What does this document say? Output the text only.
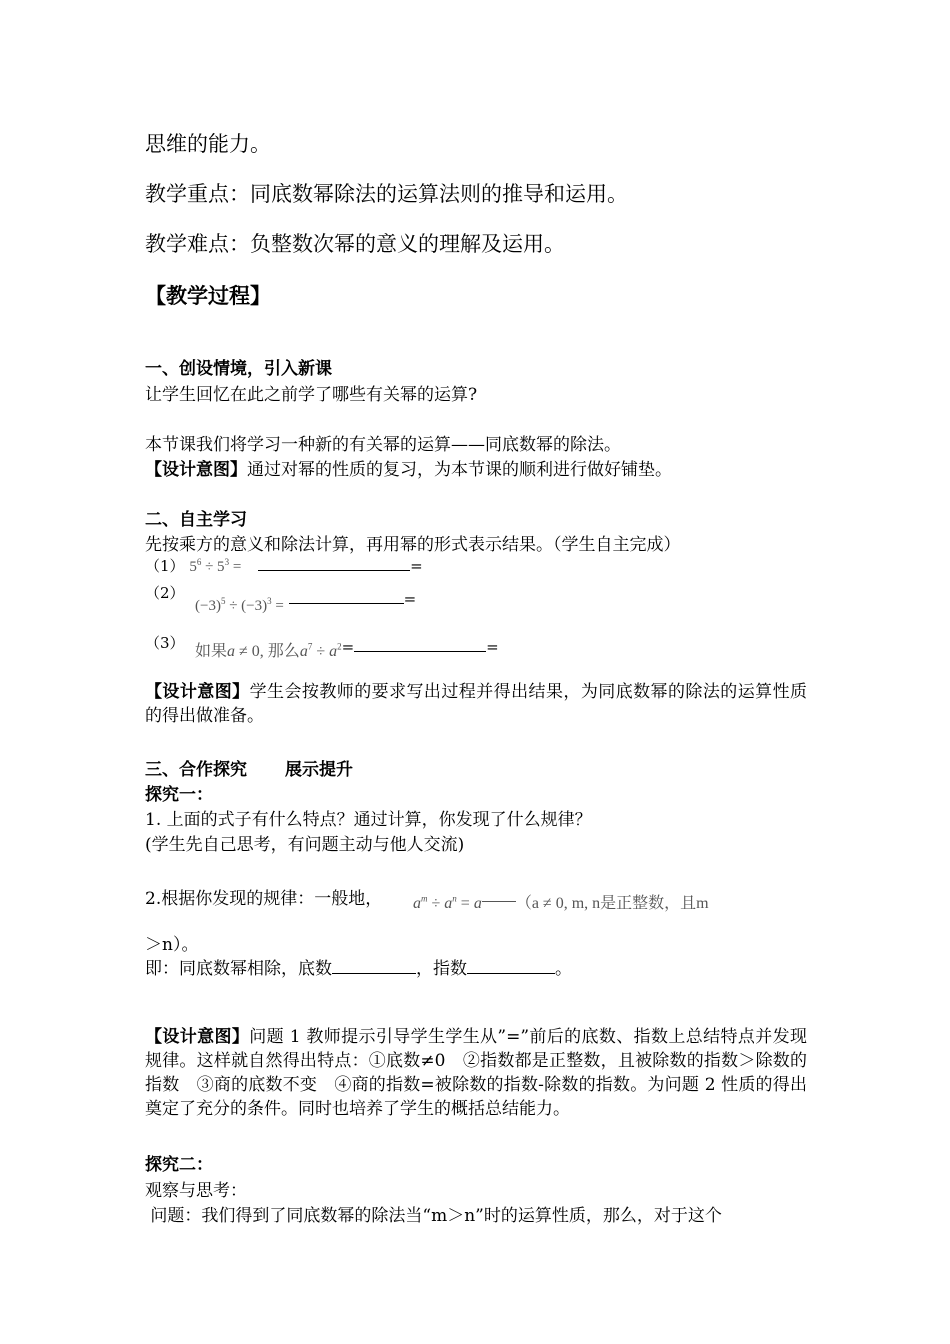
思维的能力。
教学重点：同底数幂除法的运算法则的推导和运用。
教学难点：负整数次幂的意义的理解及运用。
【教学过程】
一、创设情境，引入新课
让学生回忆在此之前学了哪些有关幂的运算?
本节课我们将学习一种新的有关幂的运算——同底数幂的除法。
【设计意图】通过对幂的性质的复习，为本节课的顺利进行做好铺垫。
二、自主学习
先按乘方的意义和除法计算，再用幂的形式表示结果。（学生自主完成）
（1） $5^6 \div 5^3$ =	=
（2）
$(-3)^5 \div (-3)^3$ =	=
（3） 如果a ≠ 0, 那么$a^7 \div a^2=$	=
【设计意图】学生会按教师的要求写出过程并得出结果，为同底数幂的除法的运算性质的得出做准备。
三、合作探究 展示提升
探究一：
1. 上面的式子有什么特点？通过计算，你发现了什么规律？
(学生先自己思考，有问题主动与他人交流)
2.根据你发现的规律：一般地， $a^m \div a^n = a$ （a ≠ 0, m, n是正整数，且m
＞n）。
即：同底数幂相除，底数	，指数	。
【设计意图】问题 1 教师提示引导学生学生从”=”前后的底数、指数上总结特点并发现规律。这样就自然得出特点：①底数≠0　②指数都是正整数，且被除数的指数＞除数的指数　③商的底数不变　④商的指数=被除数的指数-除数的指数。为问题 2 性质的得出奠定了充分的条件。同时也培养了学生的概括总结能力。
探究二：
观察与思考：
问题：我们得到了同底数幂的除法当“m＞n”时的运算性质，那么，对于这个
